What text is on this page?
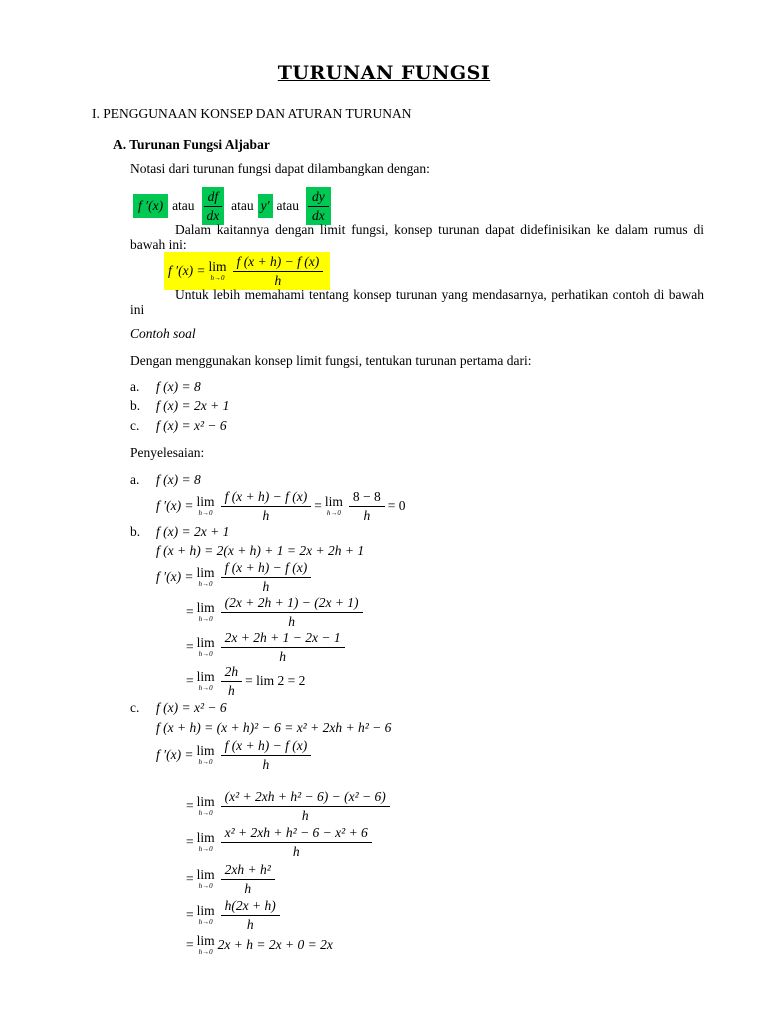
TURUNAN FUNGSI
I. PENGGUNAAN KONSEP DAN ATURAN TURUNAN
A. Turunan Fungsi Aljabar
Notasi dari turunan fungsi dapat dilambangkan dengan:
f ′(x) atau $\frac{df}{dx}$ atau y′ atau $\frac{dy}{dx}$
Dalam kaitannya dengan limit fungsi, konsep turunan dapat didefinisikan ke dalam rumus di bawah ini:
f ′(x) = lim
$h\to 0 \frac{f (x + h) - f (x)}{h}$
Untuk lebih memahami tentang konsep turunan yang mendasarnya, perhatikan contoh di bawah ini
Contoh soal
Dengan menggunakan konsep limit fungsi, tentukan turunan pertama dari:
a. f (x) = 8
b. f (x) = 2x + 1
c. f (x) = x² − 6
Penyelesaian:
a. f (x) = 8
f ′(x) = lim
$h\to 0 \frac{f (x + h) - f (x)}{h} = \lim$
$h\to 0 \frac{8 - 8}{h} = 0$
b. f (x) = 2x + 1
f (x + h) = 2(x + h) + 1 = 2x + 2h + 1
f ′(x) = lim
$h\to 0 \frac{f (x + h) - f (x)}{h}$
= lim
$h\to 0 \frac{(2x + 2h + 1) - (2x + 1)}{h}$
= lim
$h\to 0 \frac{2x + 2h + 1 - 2x - 1}{h}$
= lim
$h\to 0 \frac{2h}{h} = \lim 2 = 2$
c. f (x) = x² − 6
f (x + h) = (x + h)² − 6 = x² + 2xh + h² − 6
f ′(x) = lim
$h\to 0 \frac{f (x + h) - f (x)}{h}$
= lim
$h\to 0 \frac{\text{(x² + 2xh + h² − 6) − (x² − 6)}}{h}$
= lim
$h\to 0 \frac{\text{x² + 2xh + h² − 6 − x² + 6}}{h}$
= lim
$h\to 0 \frac{\text{2xh + h²}}{h}$
= lim
$h\to 0 \frac{h(2x + h)}{h}$
= lim
h→0 2x + h = 2x + 0 = 2x
